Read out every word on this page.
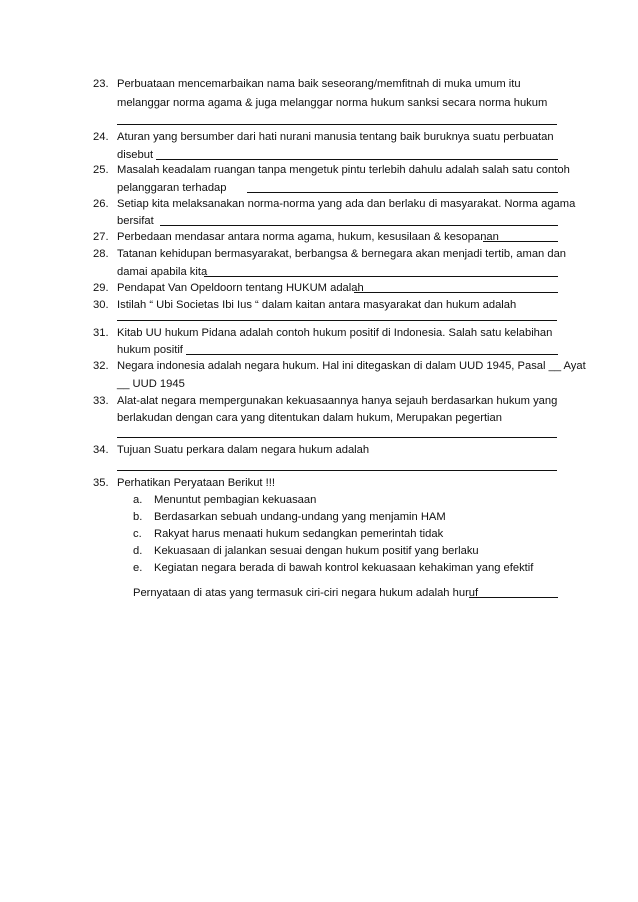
23. Perbuataan mencemarbaikan nama baik seseorang/memfitnah di muka umum itu
melanggar norma agama & juga melanggar norma hukum sanksi secara norma hukum
24. Aturan yang bersumber dari hati nurani manusia tentang baik buruknya suatu perbuatan
disebut
25. Masalah keadalam ruangan tanpa mengetuk pintu terlebih dahulu adalah salah satu contoh
pelanggaran terhadap
26. Setiap kita melaksanakan norma-norma yang ada dan berlaku di masyarakat. Norma agama
bersifat
27. Perbedaan mendasar antara norma agama, hukum, kesusilaan & kesopanan
28. Tatanan kehidupan bermasyarakat, berbangsa & bernegara akan menjadi tertib, aman dan
damai apabila kita
29. Pendapat Van Opeldoorn tentang HUKUM adalah
30. Istilah “ Ubi Societas Ibi Ius “ dalam kaitan antara masyarakat dan hukum adalah
31. Kitab UU hukum Pidana adalah contoh hukum positif di Indonesia. Salah satu kelabihan
hukum positif
32. Negara indonesia adalah negara hukum. Hal ini ditegaskan di dalam UUD 1945, Pasal __ Ayat
__ UUD 1945
33. Alat-alat negara mempergunakan kekuasaannya hanya sejauh berdasarkan hukum yang
berlakudan dengan cara yang ditentukan dalam hukum, Merupakan pegertian
34. Tujuan Suatu perkara dalam negara hukum adalah
35. Perhatikan Peryataan Berikut !!!
a. Menuntut pembagian kekuasaan
b. Berdasarkan sebuah undang-undang yang menjamin HAM
c. Rakyat harus menaati hukum sedangkan pemerintah tidak
d. Kekuasaan di jalankan sesuai dengan hukum positif yang berlaku
e. Kegiatan negara berada di bawah kontrol kekuasaan kehakiman yang efektif
Pernyataan di atas yang termasuk ciri-ciri negara hukum adalah huruf
